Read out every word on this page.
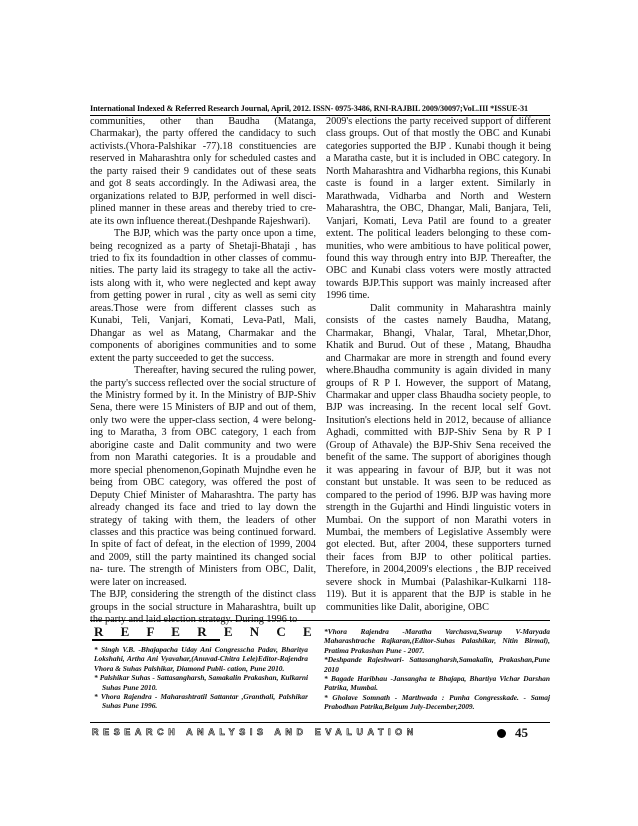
International Indexed & Referred Research Journal, April, 2012. ISSN- 0975-3486, RNI-RAJBIL 2009/30097;VoL.III *ISSUE-31

communities, other than Baudha (Matanga, Charmakar), the party offered the candidacy to such activists.(Vhora-Palshikar -77).18 constituencies are reserved in Maharashtra only for scheduled castes and the party raised their 9 candidates out of these seats and got 8 seats accordingly. In the Adiwasi area, the organizations related to BJP, performed in well disci- plined manner in these areas and thereby tried to cre- ate its own influence thereat.(Deshpande Rajeshwari).

The BJP, which was the party once upon a time, being recognized as a party of Shetaji-Bhataji , has tried to fix its foundadtion in other classes of commu- nities. The party laid its stragegy to take all the activ- ists along with it, who were neglected and kept away from getting power in rural , city as well as semi city areas.Those were from different classes such as Kunabi, Teli, Vanjari, Komati, Leva-Patl, Mali, Dhangar as wel as Matang, Charmakar and the components of aborigines communities and to some extent the party succeeded to get the success.

Thereafter, having secured the ruling power, the party's success reflected over the social structure of the Ministry formed by it. In the Ministry of BJP-Shiv Sena, there were 15 Ministers of BJP and out of them, only two were the upper-class section, 4 were belong- ing to Maratha, 3 from OBC category, 1 each from aborigine caste and Dalit community and two were from non Marathi categories. It is a proudable and more special phenomenon,Gopinath Mujndhe even he being from OBC category, was offered the post of Deputy Chief Minister of Maharashtra. The party has already changed its face and tried to lay down the strategy of taking with them, the leaders of other classes and this practice was being continued forward. In spite of fact of defeat, in the election of 1999, 2004 and 2009, still the party maintined its changed social na- ture. The strength of Ministers from OBC, Dalit, were later on increased.

The BJP, considering the strength of the distinct class groups in the social structure in Maharashtra, built up the party and laid election strategy. During 1996 to

2009's elections the party received support of different class groups. Out of that mostly the OBC and Kunabi categories supported the BJP . Kunabi though it being a Maratha caste, but it is included in OBC category. In North Maharashtra and Vidharbha regions, this Kunabi caste is found in a larger extent. Similarly in Marathwada, Vidharba and North and Western Maharashtra, the OBC, Dhangar, Mali, Banjara, Teli, Vanjari, Komati, Leva Patil are found to a greater extent. The political leaders belonging to these com- munities, who were ambitious to have political power, found this way through entry into BJP. Thereafter, the OBC and Kunabi class voters were mostly attracted towards BJP.This support was mainly increased after 1996 time.

Dalit community in Maharashtra mainly consists of the castes namely Baudha, Matang, Charmakar, Bhangi, Vhalar, Taral, Mhetar,Dhor, Khatik and Burud. Out of these , Matang, Bhaudha and Charmakar are more in strength and found every where.Bhaudha community is again divided in many groups of R P I. However, the support of Matang, Charmakar and upper class Bhaudha society people, to BJP was increasing. In the recent local self Govt. Insitution's elections held in 2012, because of alliance Aghadi, committed with BJP-Shiv Sena by R P I (Group of Athavale) the BJP-Shiv Sena received the benefit of the same. The support of aborigines though it was appearing in favour of BJP, but it was not constant but unstable. It was seen to be reduced as compared to the period of 1996. BJP was having more strength in the Gujarthi and Hindi linguistic voters in Mumbai. On the support of non Marathi voters in Mumbai, the members of Legislative Assembly were got elected. But, after 2004, these supporters turned their faces from BJP to other political parties. Therefore, in 2004,2009's elections , the BJP received severe shock in Mumbai (Palashikar-Kulkarni 118-119). But it is apparent that the BJP is stable in he communities like Dalit, aborigine, OBC

R E F E R E N C E

* Singh V.B. -Bhajapacha Uday Ani Congresscha Padav, Bharitya Lokshahi, Artha Ani Vyavahar,(Anuvad-Chitra Lele)Editor-Rajendra Vhora & Suhas Palshikar, Diamond Publi- cation, Pune 2010.

* Palshikar Suhas - Sattasangharsh, Samakalin Prakashan, Kulkarni Suhas Pune 2010.

* Vhora Rajendra - Maharashtratil Sattantar ,Granthali, Palshikar Suhas Pune 1996.

*Vhora Rajendra -Maratha Varchasva,Swarup V-Maryada Maharashtrache Rajkaran,(Editor-Suhas Palashikar, Nitin Birmal), Pratima Prakashan Pune - 2007.

*Deshpande Rajeshwari- Sattasangharsh,Samakalin, Prakashan,Pune 2010

* Bagade Haribhau -Jansangha te Bhajapa, Bhartiya Vichar Darshan Patrika, Mumbai.

* Gholave Somnath - Marthwada : Punha Congresskade. - Samaj Prabodhan Patrika,Belgum July-December,2009.

RESEARCH ANALYSIS AND EVALUATION	45
